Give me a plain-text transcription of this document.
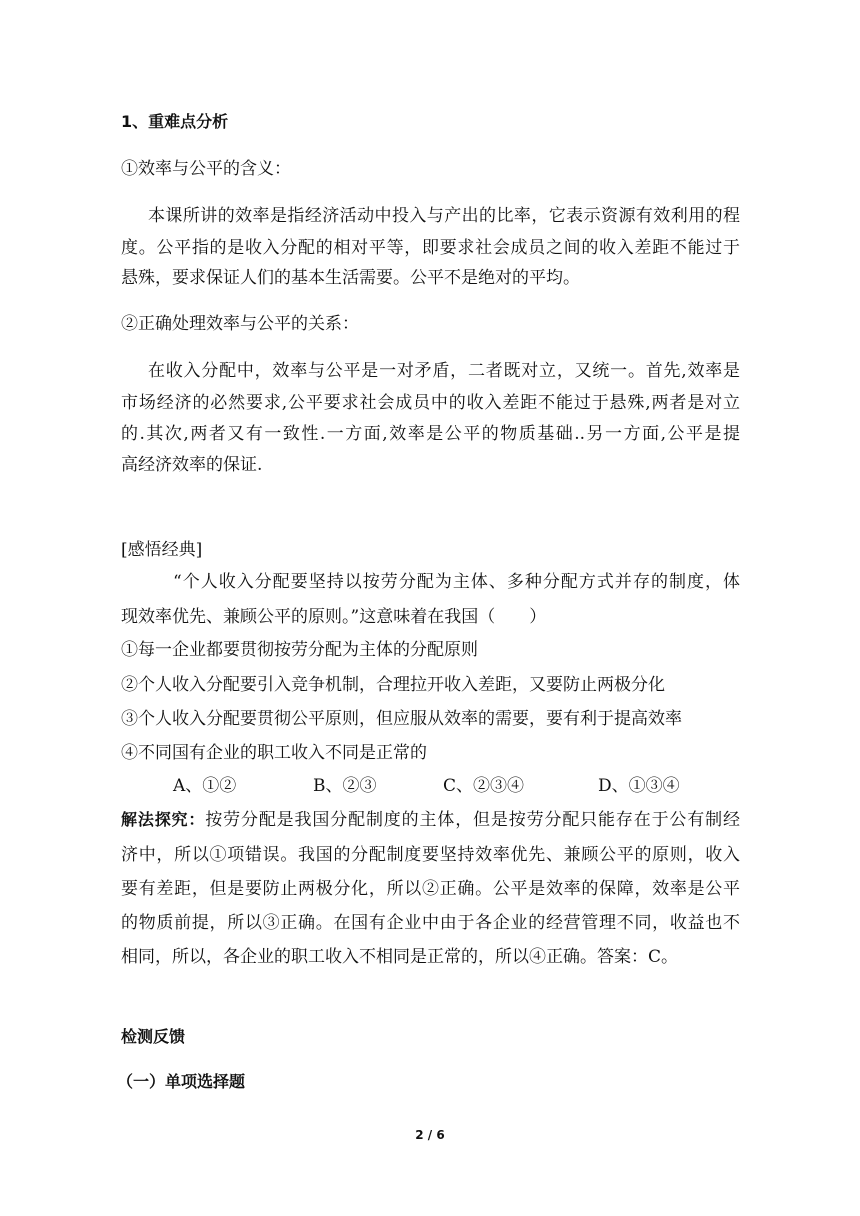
1、重难点分析
①效率与公平的含义：
本课所讲的效率是指经济活动中投入与产出的比率，它表示资源有效利用的程
度。公平指的是收入分配的相对平等，即要求社会成员之间的收入差距不能过于
悬殊，要求保证人们的基本生活需要。公平不是绝对的平均。
②正确处理效率与公平的关系：
在收入分配中，效率与公平是一对矛盾，二者既对立，又统一。首先,效率是
市场经济的必然要求,公平要求社会成员中的收入差距不能过于悬殊,两者是对立
的.其次,两者又有一致性.一方面,效率是公平的物质基础..另一方面,公平是提
高经济效率的保证.
[感悟经典]
“个人收入分配要坚持以按劳分配为主体、多种分配方式并存的制度，体
现效率优先、兼顾公平的原则。”这意味着在我国（　　）
①每一企业都要贯彻按劳分配为主体的分配原则
②个人收入分配要引入竞争机制，合理拉开收入差距，又要防止两极分化
③个人收入分配要贯彻公平原则，但应服从效率的需要，要有利于提高效率
④不同国有企业的职工收入不同是正常的
A、①②	B、②③	C、②③④	D、①③④
解法探究：按劳分配是我国分配制度的主体，但是按劳分配只能存在于公有制经
济中，所以①项错误。我国的分配制度要坚持效率优先、兼顾公平的原则，收入
要有差距，但是要防止两极分化，所以②正确。公平是效率的保障，效率是公平
的物质前提，所以③正确。在国有企业中由于各企业的经营管理不同，收益也不
相同，所以，各企业的职工收入不相同是正常的，所以④正确。答案：C。
检测反馈
（一）单项选择题
2 / 6
